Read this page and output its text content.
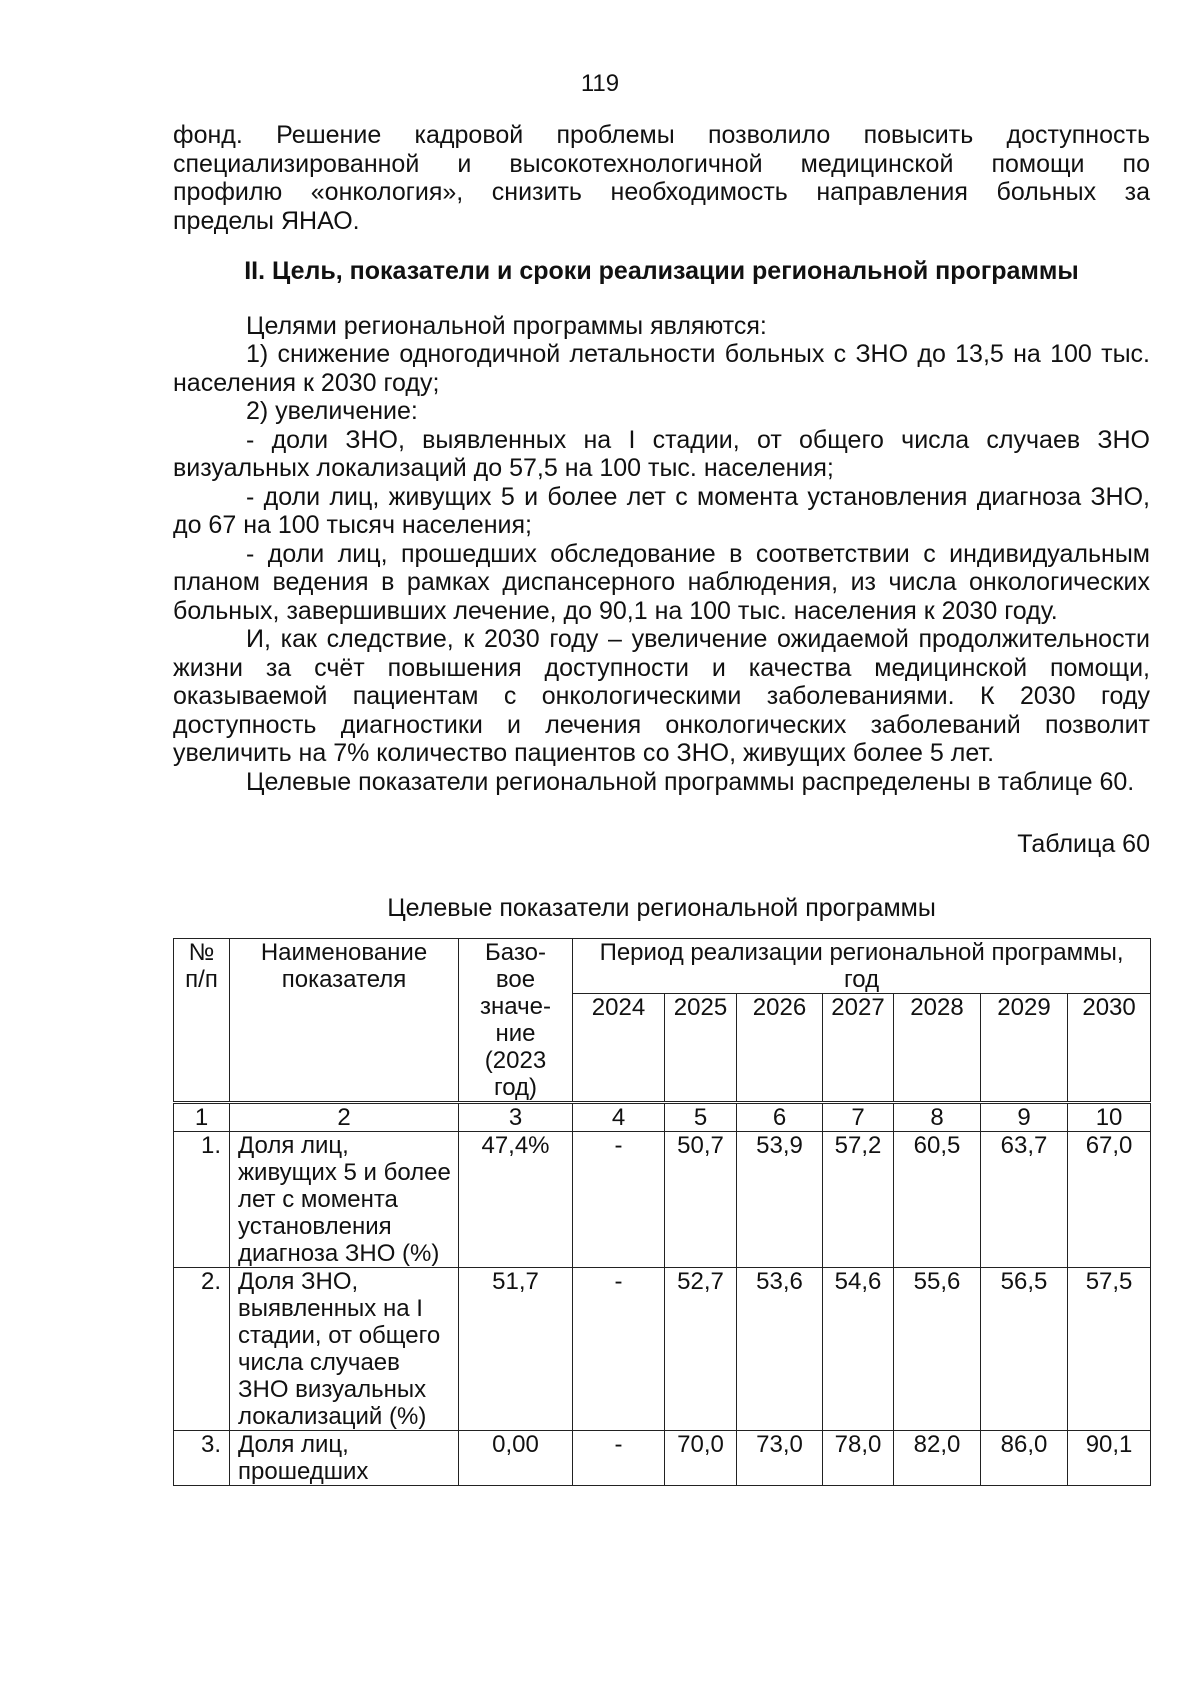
119

фонд. Решение кадровой проблемы позволило повысить доступность

специализированной и высокотехнологичной медицинской помощи по

профилю «онкология», снизить необходимость направления больных за

пределы ЯНАО.

II. Цель, показатели и сроки реализации региональной программы

Целями региональной программы являются:

1) снижение одногодичной летальности больных с ЗНО до 13,5 на 100 тыс. населения к 2030 году;

2) увеличение:

- доли ЗНО, выявленных на I стадии, от общего числа случаев ЗНО визуальных локализаций до 57,5 на 100 тыс. населения;

- доли лиц, живущих 5 и более лет с момента установления диагноза ЗНО, до 67 на 100 тысяч населения;

- доли лиц, прошедших обследование в соответствии с индивидуальным планом ведения в рамках диспансерного наблюдения, из числа онкологических больных, завершивших лечение, до 90,1 на 100 тыс. населения к 2030 году.

И, как следствие, к 2030 году – увеличение ожидаемой продолжительности жизни за счёт повышения доступности и качества медицинской помощи, оказываемой пациентам с онкологическими заболеваниями. К 2030 году доступность диагностики и лечения онкологических заболеваний позволит увеличить на 7% количество пациентов со ЗНО, живущих более 5 лет.

Целевые показатели региональной программы распределены в таблице 60.

Таблица 60
Целевые показатели региональной программы
№ п/п	Наименование показателя	Базо-вое значе-ние (2023 год)	Период реализации региональной программы, год						
			2024	2025	2026	2027	2028	2029	2030
1	2	3	4	5	6	7	8	9	10
1.	Доля лиц, живущих 5 и более лет с момента установления диагноза ЗНО (%)	47,4%	-	50,7	53,9	57,2	60,5	63,7	67,0
2.	Доля ЗНО, выявленных на I стадии, от общего числа случаев ЗНО визуальных локализаций (%)	51,7	-	52,7	53,6	54,6	55,6	56,5	57,5
3.	Доля лиц, прошедших	0,00	-	70,0	73,0	78,0	82,0	86,0	90,1
